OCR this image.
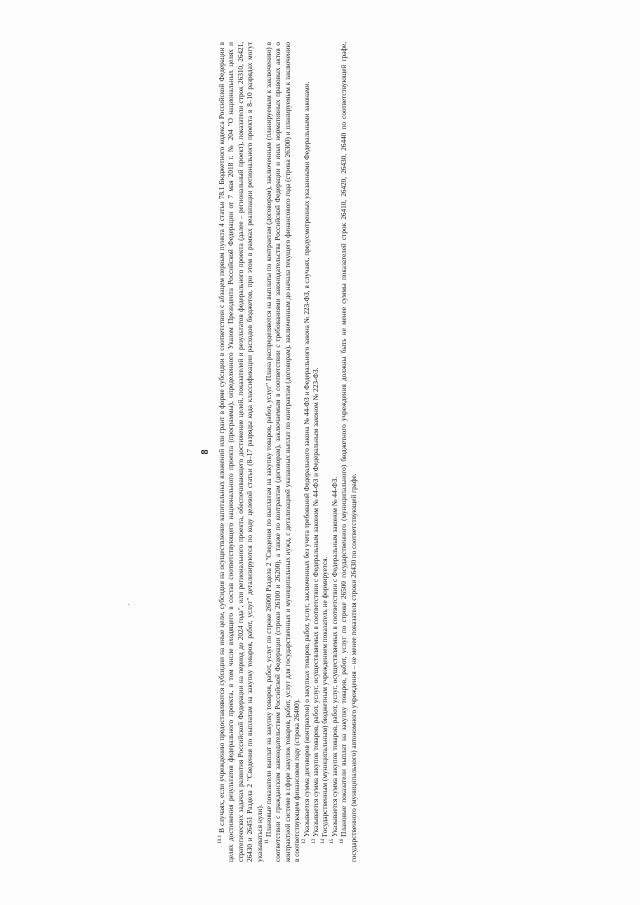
8

$^{10.1}$В случаях, если учреждению предоставляются субсидии на иные цели, субсидия на осуществление капитальных вложений или грант в форме субсидии в соответствии с абзацем первым пункта 4 статьи 78.1 Бюджетного кодекса Российской Федерации в целях достижения результатов федерального проекта, в том числе входящего в состав соответствующего национального проекта (программы), определенного Указом Президента Российской Федерации от 7 мая 2018 г. № 204 "О национальных целях и стратегических задачах развития Российской Федерации на период до 2024 года", или регионального проекта, обеспечивающего достижение целей, показателей и результатов федерального проекта (далее – региональный проект), показатели строк 26310, 26421, 26430 и 26451 Раздела 2 "Сведения по выплатам на закупку товаров, работ, услуг" детализируются по коду целевой статьи (8–17 разряды кода классификации расходов бюджетов, при этом в рамках реализации регионального проекта в 8–10 разрядах могут указываться нули). $^{11}$Плановые показатели выплат на закупку товаров, работ, услуг по строке 26000 Раздела 2 "Сведения по выплатам на закупку товаров, работ, услуг" Плана распределяются на выплаты по контрактам (договорам), заключенным (планируемым к заключению) в соответствии с гражданским законодательством Российской Федерации (строки 26100 и 26200), а также по контрактам (договорам), заключаемым в соответствии с требованиями законодательства Российской Федерации и иных нормативных правовых актов о контрактной системе в сфере закупок товаров, работ, услуг для государственных и муниципальных нужд, с детализацией указанных выплат по контрактам (договорам), заключенным до начала текущего финансового года (строка 26300) и планируемым к заключению в соответствующем финансовом году (строка 26400). $^{12}$Указывается сумма договоров (контрактов) о закупках товаров, работ, услуг, заключенных без учета требований Федерального закона № 44-ФЗ и Федерального закона № 223-ФЗ, в случаях, предусмотренных указанными Федеральными законами.

$^{13}$Указывается сумма закупок товаров, работ, услуг, осуществляемых в соответствии с Федеральным законом № 44-ФЗ и Федеральным законом № 223-ФЗ.

$^{14}$Государственным (муниципальным) бюджетным учреждением показатель не формируется.

$^{15}$Указывается сумма закупок товаров, работ, услуг, осуществляемых в соответствии с Федеральным законом № 44-ФЗ.

$^{16}$Плановые показатели выплат на закупку товаров, работ, услуг по строке 26500 государственного (муниципального) бюджетного учреждения должны быть не менее суммы показателей строк 26410, 26420, 26430, 26440 по соответствующей графе, государственного (муниципального) автономного учреждения – не менее показателя строки 26430 по соответствующей графе.
